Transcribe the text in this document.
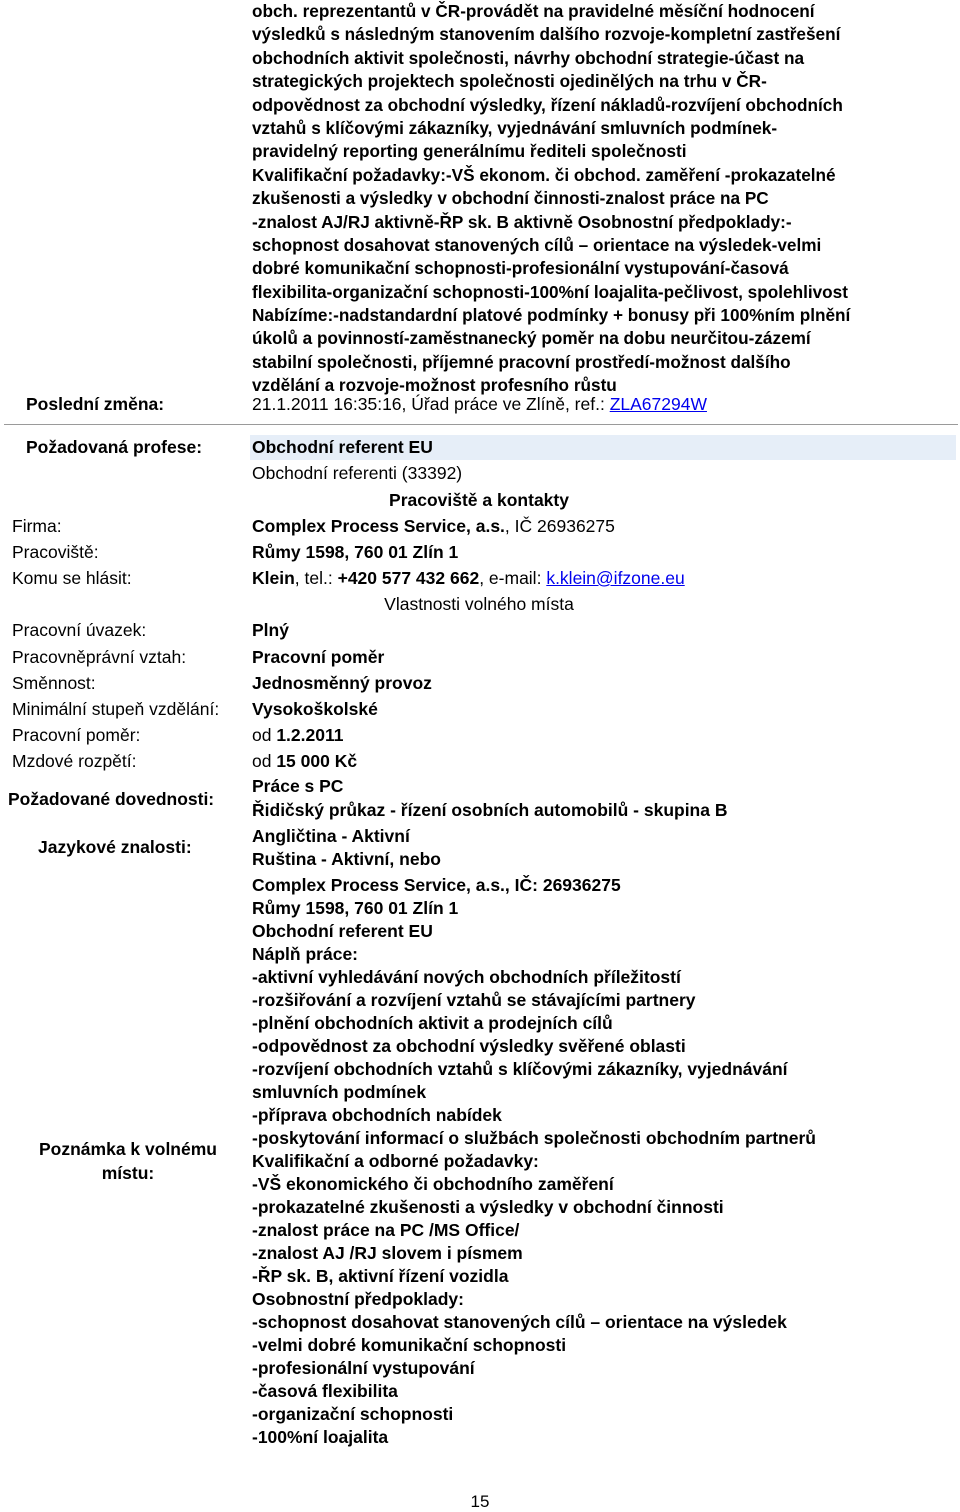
obch. reprezentantů v ČR-provádět na pravidelné měsíční hodnocení
výsledků s následným stanovením dalšího rozvoje-kompletní zastřešení
obchodních aktivit společnosti, návrhy obchodní strategie-účast na
strategických projektech společnosti ojedinělých na trhu v ČR-
odpovědnost za obchodní výsledky, řízení nákladů-rozvíjení obchodních
vztahů s klíčovými zákazníky, vyjednávání smluvních podmínek-
pravidelný reporting generálnímu řediteli společnosti
Kvalifikační požadavky:-VŠ ekonom. či obchod. zaměření -prokazatelné
zkušenosti a výsledky v obchodní činnosti-znalost práce na PC
-znalost AJ/RJ aktivně-ŘP sk. B aktivně Osobnostní předpoklady:-
schopnost dosahovat stanovených cílů – orientace na výsledek-velmi
dobré komunikační schopnosti-profesionální vystupování-časová
flexibilita-organizační schopnosti-100%ní loajalita-pečlivost, spolehlivost
Nabízíme:-nadstandardní platové podmínky + bonusy při 100%ním plnění
úkolů a povinností-zaměstnanecký poměr na dobu neurčitou-zázemí
stabilní společnosti, příjemné pracovní prostředí-možnost dalšího
vzdělání a rozvoje-možnost profesního růstu
Poslední změna:	21.1.2011 16:35:16, Úřad práce ve Zlíně, ref.: ZLA67294W
Požadovaná profese:	Obchodní referent EU
Obchodní referenti (33392)
Pracoviště a kontakty
Firma:	Complex Process Service, a.s., IČ 26936275
Pracoviště:	Růmy 1598, 760 01 Zlín 1
Komu se hlásit:	Klein, tel.: +420 577 432 662, e-mail: k.klein@ifzone.eu
Vlastnosti volného místa
Pracovní úvazek:	Plný
Pracovněprávní vztah:	Pracovní poměr
Směnnost:	Jednosměnný provoz
Minimální stupeň vzdělání: Vysokoškolské
Pracovní poměr:	od 1.2.2011
Mzdové rozpětí:	od 15 000 Kč
Požadované dovednosti:
Práce s PC
Řidičský průkaz - řízení osobních automobilů - skupina B
Jazykové znalosti:
Angličtina - Aktivní
Ruština - Aktivní, nebo
Poznámka k volnému místu:
Complex Process Service, a.s., IČ: 26936275
Růmy 1598, 760 01 Zlín 1
Obchodní referent EU
Náplň práce:
-aktivní vyhledávání nových obchodních příležitostí
-rozšiřování a rozvíjení vztahů se stávajícími partnery
-plnění obchodních aktivit a prodejních cílů
-odpovědnost za obchodní výsledky svěřené oblasti
-rozvíjení obchodních vztahů s klíčovými zákazníky, vyjednávání
smluvních podmínek
-příprava obchodních nabídek
-poskytování informací o službách společnosti obchodním partnerů
Kvalifikační a odborné požadavky:
-VŠ ekonomického či obchodního zaměření
-prokazatelné zkušenosti a výsledky v obchodní činnosti
-znalost práce na PC /MS Office/
-znalost AJ /RJ slovem i písmem
-ŘP sk. B, aktivní řízení vozidla
Osobnostní předpoklady:
-schopnost dosahovat stanovených cílů – orientace na výsledek
-velmi dobré komunikační schopnosti
-profesionální vystupování
-časová flexibilita
-organizační schopnosti
-100%ní loajalita
15
